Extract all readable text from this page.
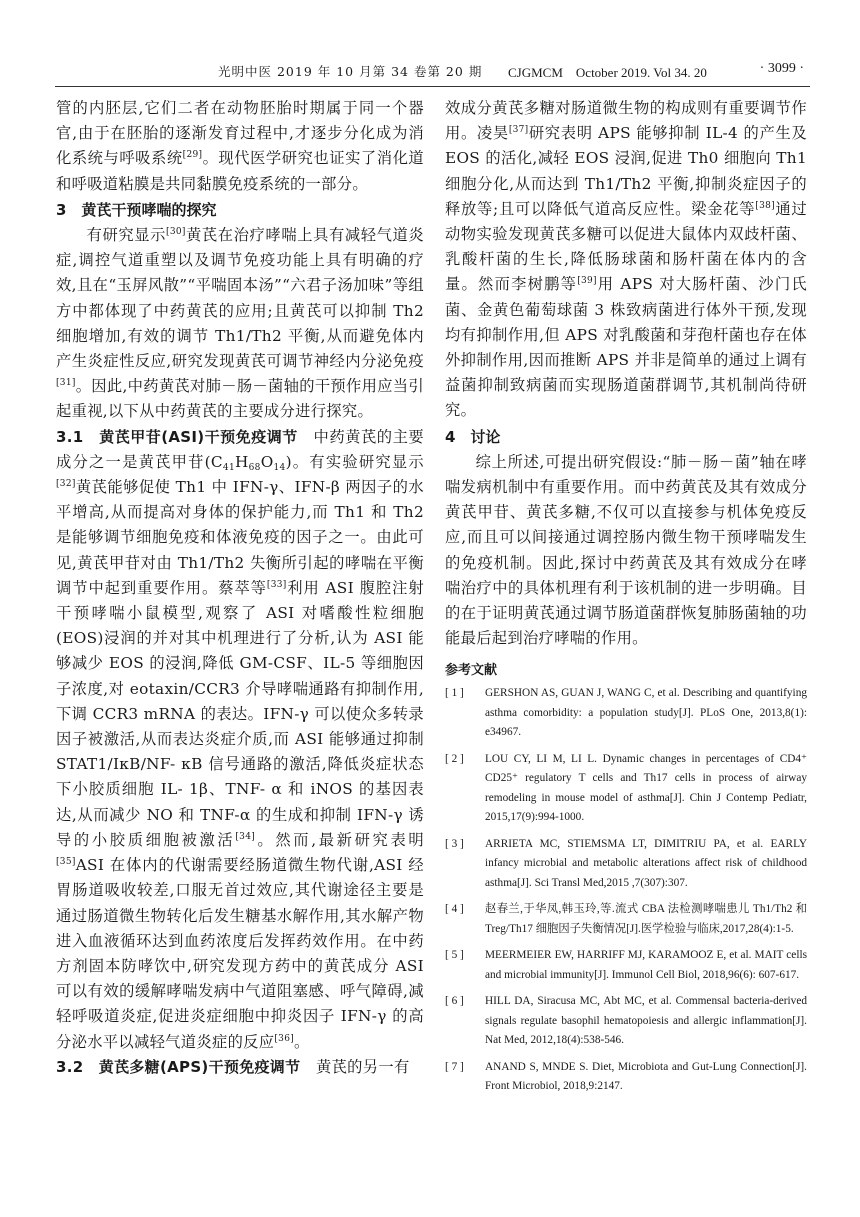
光明中医 2019 年 10 月第 34 卷第 20 期 CJGMCM　October 2019. Vol 34. 20	· 3099 ·

管的内胚层,它们二者在动物胚胎时期属于同一个器官,由于在胚胎的逐渐发育过程中,才逐步分化成为消化系统与呼吸系统[29]。现代医学研究也证实了消化道和呼吸道粘膜是共同黏膜免疫系统的一部分。

3　黄芪干预哮喘的探究

有研究显示[30]黄芪在治疗哮喘上具有减轻气道炎症,调控气道重塑以及调节免疫功能上具有明确的疗效,且在“玉屏风散”“平喘固本汤”“六君子汤加味”等组方中都体现了中药黄芪的应用;且黄芪可以抑制 Th2 细胞增加,有效的调节 Th1/Th2 平衡,从而避免体内产生炎症性反应,研究发现黄芪可调节神经内分泌免疫[31]。因此,中药黄芪对肺－肠－菌轴的干预作用应当引起重视,以下从中药黄芪的主要成分进行探究。

3.1　黄芪甲苷(ASI)干预免疫调节　中药黄芪的主要成分之一是黄芪甲苷$(C_{41}H_{68}O_{14})$。有实验研究显示[32]黄芪能够促使 Th1 中 IFN-γ、IFN-β 两因子的水平增高,从而提高对身体的保护能力,而 Th1 和 Th2 是能够调节细胞免疫和体液免疫的因子之一。由此可见,黄芪甲苷对由 Th1/Th2 失衡所引起的哮喘在平衡调节中起到重要作用。蔡萃等[33]利用 ASI 腹腔注射干预哮喘小鼠模型,观察了 ASI 对嗜酸性粒细胞(EOS)浸润的并对其中机理进行了分析,认为 ASI 能够减少 EOS 的浸润,降低 GM-CSF、IL-5 等细胞因子浓度,对 eotaxin/CCR3 介导哮喘通路有抑制作用,下调 CCR3 mRNA 的表达。IFN-γ 可以使众多转录因子被激活,从而表达炎症介质,而 ASI 能够通过抑制 STAT1/IκB/NF- κB 信号通路的激活,降低炎症状态下小胶质细胞 IL- 1β、TNF- α 和 iNOS 的基因表达,从而减少 NO 和 TNF-α 的生成和抑制 IFN-γ 诱导的小胶质细胞被激活[34]。然而,最新研究表明[35]ASI 在体内的代谢需要经肠道微生物代谢,ASI 经胃肠道吸收较差,口服无首过效应,其代谢途径主要是通过肠道微生物转化后发生糖基水解作用,其水解产物进入血液循环达到血药浓度后发挥药效作用。在中药方剂固本防哮饮中,研究发现方药中的黄芪成分 ASI 可以有效的缓解哮喘发病中气道阻塞感、呼气障碍,减轻呼吸道炎症,促进炎症细胞中抑炎因子 IFN-γ 的高分泌水平以减轻气道炎症的反应[36]。

3.2　黄芪多糖(APS)干预免疫调节　黄芪的另一有

效成分黄芪多糖对肠道微生物的构成则有重要调节作用。凌昊[37]研究表明 APS 能够抑制 IL-4 的产生及 EOS 的活化,减轻 EOS 浸润,促进 Th0 细胞向 Th1 细胞分化,从而达到 Th1/Th2 平衡,抑制炎症因子的释放等;且可以降低气道高反应性。梁金花等[38]通过动物实验发现黄芪多糖可以促进大鼠体内双歧杆菌、乳酸杆菌的生长,降低肠球菌和肠杆菌在体内的含量。然而李树鹏等[39]用 APS 对大肠杆菌、沙门氏菌、金黄色葡萄球菌 3 株致病菌进行体外干预,发现均有抑制作用,但 APS 对乳酸菌和芽孢杆菌也存在体外抑制作用,因而推断 APS 并非是简单的通过上调有益菌抑制致病菌而实现肠道菌群调节,其机制尚待研究。

4　讨论

综上所述,可提出研究假设:“肺－肠－菌”轴在哮喘发病机制中有重要作用。而中药黄芪及其有效成分黄芪甲苷、黄芪多糖,不仅可以直接参与机体免疫反应,而且可以间接通过调控肠内微生物干预哮喘发生的免疫机制。因此,探讨中药黄芪及其有效成分在哮喘治疗中的具体机理有利于该机制的进一步明确。目的在于证明黄芪通过调节肠道菌群恢复肺肠菌轴的功能最后起到治疗哮喘的作用。

参考文献
[ 1 ] GERSHON AS, GUAN J, WANG C, et al. Describing and quantifying asthma comorbidity: a population study[J]. PLoS One, 2013,8(1): e34967.
[ 2 ] LOU CY, LI M, LI L. Dynamic changes in percentages of CD4⁺ CD25⁺ regulatory T cells and Th17 cells in process of airway remodeling in mouse model of asthma[J]. Chin J Contemp Pediatr, 2015,17(9):994-1000.
[ 3 ] ARRIETA MC, STIEMSMA LT, DIMITRIU PA, et al. EARLY infancy microbial and metabolic alterations affect risk of childhood asthma[J]. Sci Transl Med,2015 ,7(307):307.
[ 4 ] 赵春兰,于华凤,韩玉玲,等.流式 CBA 法检测哮喘患儿 Th1/Th2 和 Treg/Th17 细胞因子失衡情况[J].医学检验与临床,2017,28(4):1-5.
[ 5 ] MEERMEIER EW, HARRIFF MJ, KARAMOOZ E, et al. MAIT cells and microbial immunity[J]. Immunol Cell Biol, 2018,96(6): 607-617.
[ 6 ] HILL DA, Siracusa MC, Abt MC, et al. Commensal bacteria-derived signals regulate basophil hematopoiesis and allergic inflammation[J]. Nat Med, 2012,18(4):538-546.
[ 7 ] ANAND S, MNDE S. Diet, Microbiota and Gut-Lung Connection[J]. Front Microbiol, 2018,9:2147.
